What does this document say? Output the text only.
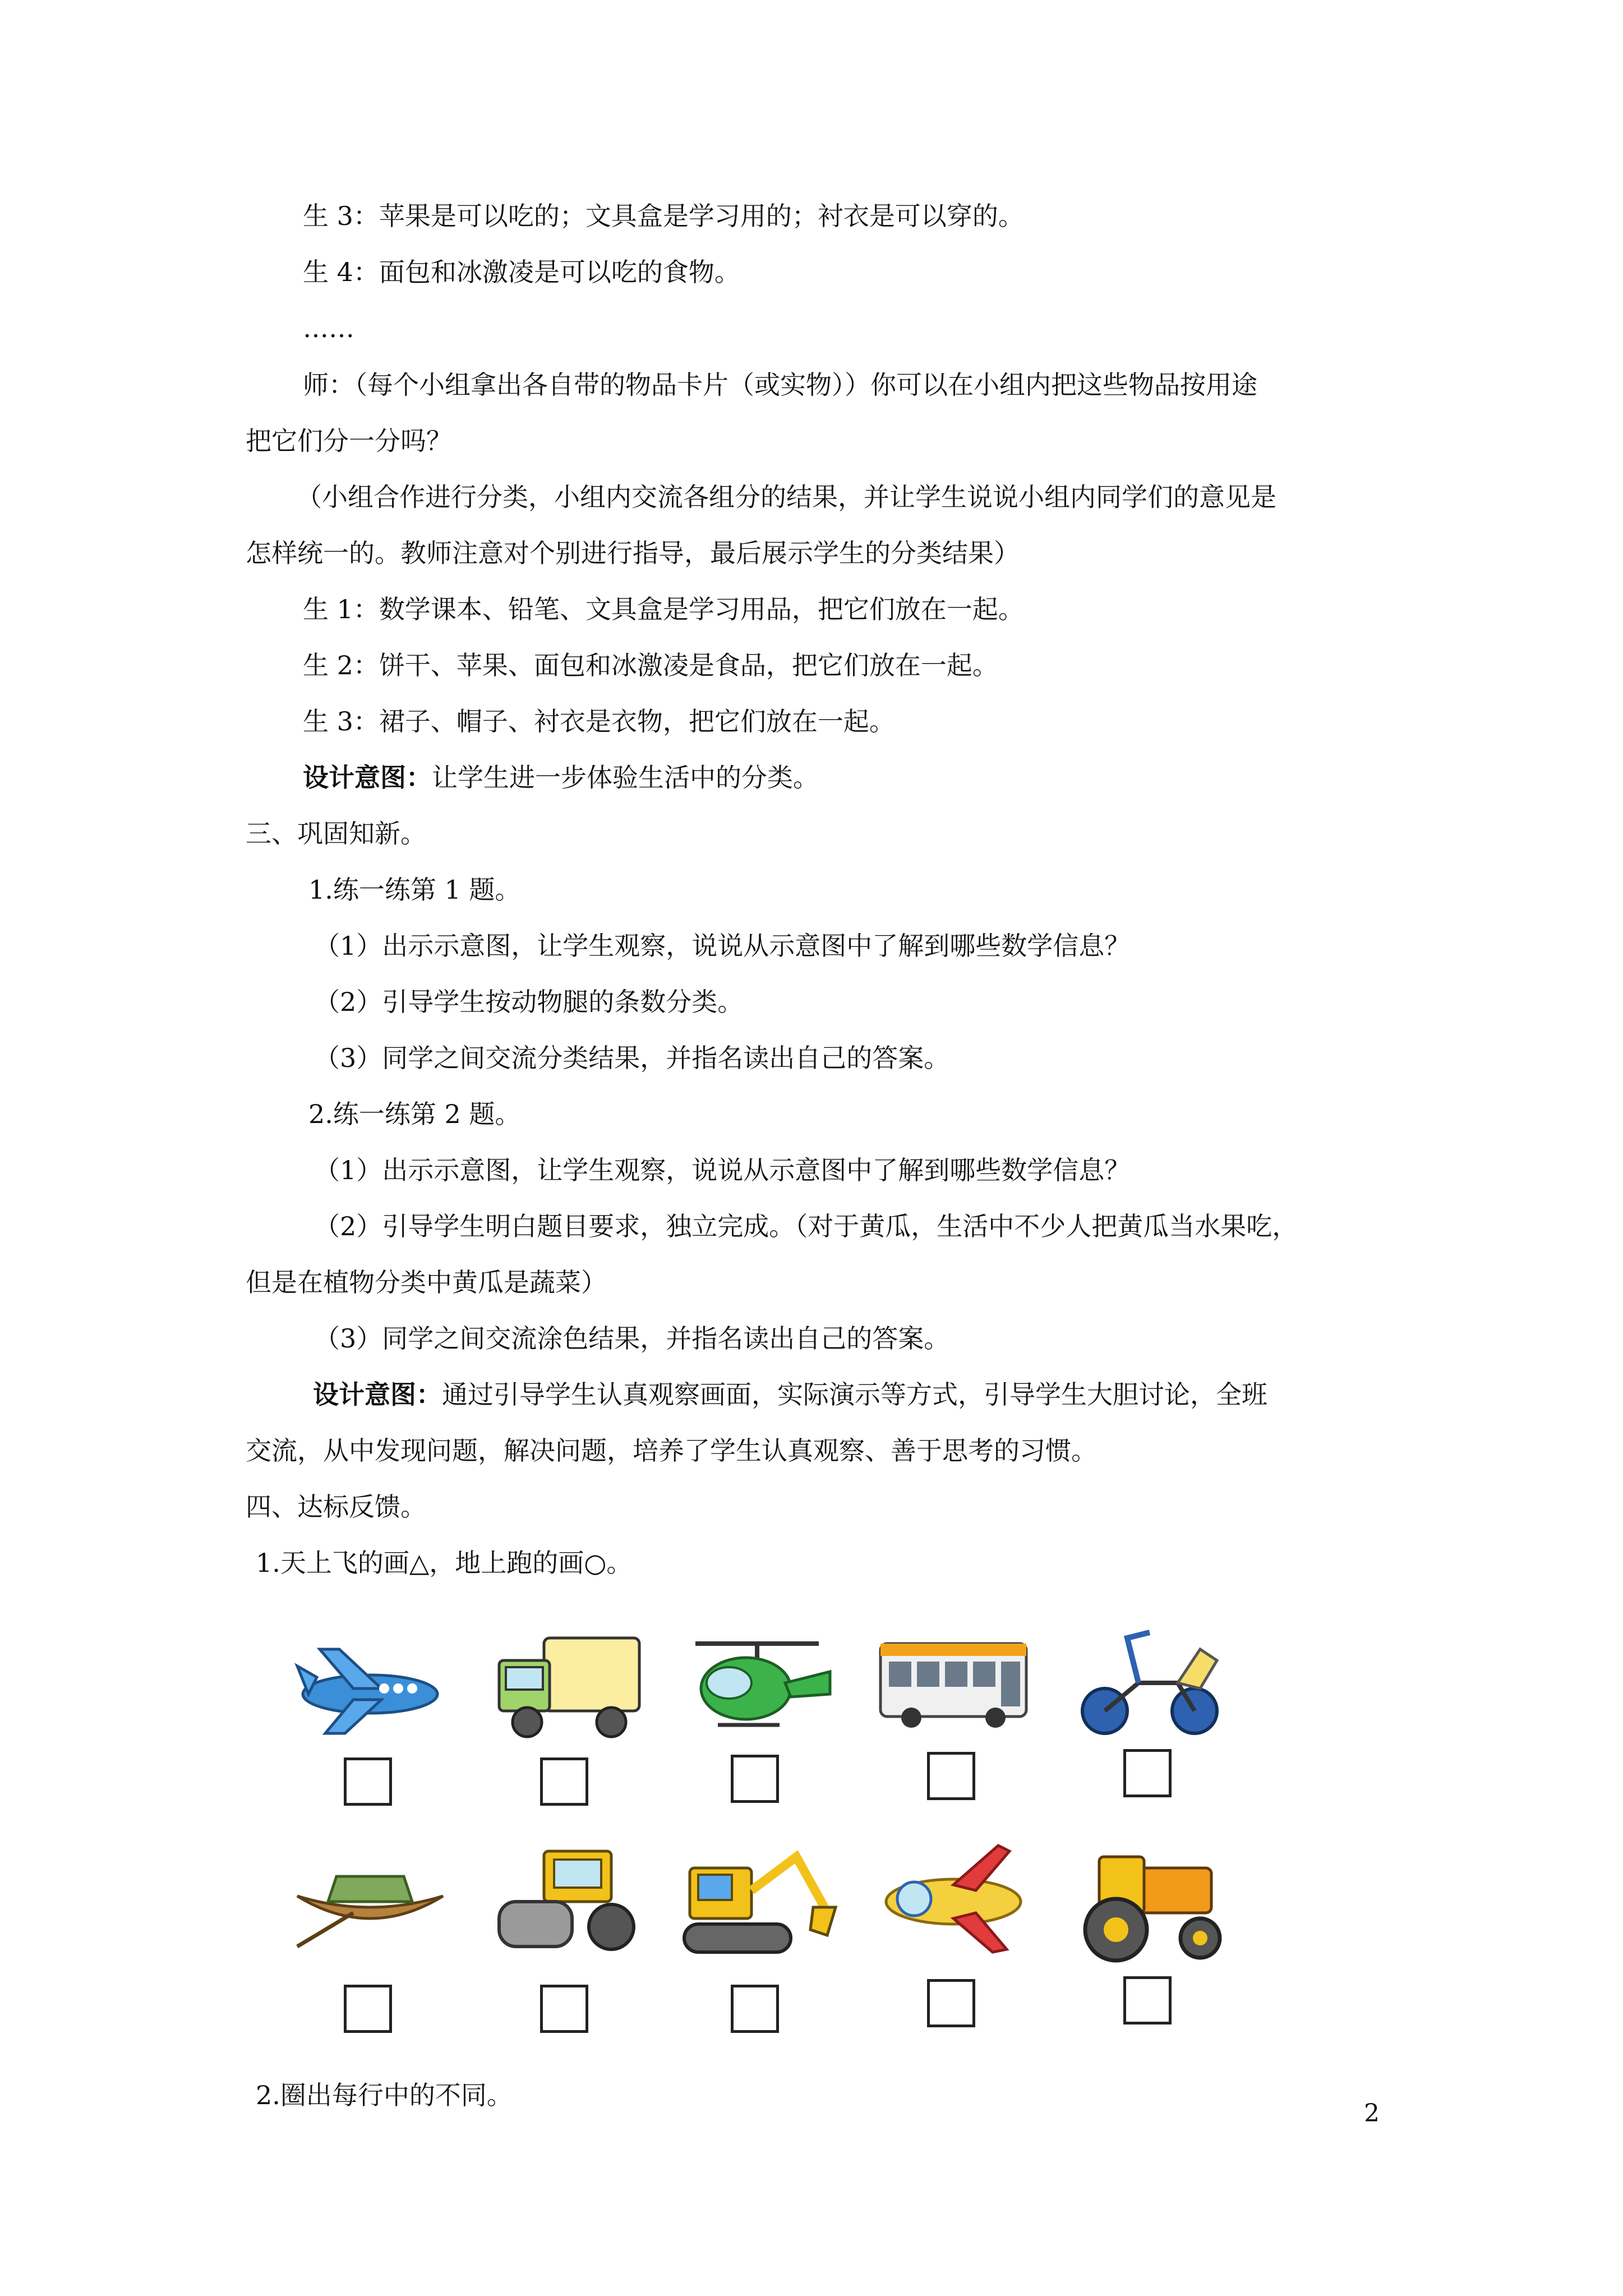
生 3：苹果是可以吃的；文具盒是学习用的；衬衣是可以穿的。
生 4：面包和冰激凌是可以吃的食物。
……
师：（每个小组拿出各自带的物品卡片（或实物））你可以在小组内把这些物品按用途
把它们分一分吗？
（小组合作进行分类，小组内交流各组分的结果，并让学生说说小组内同学们的意见是
怎样统一的。教师注意对个别进行指导，最后展示学生的分类结果）
生 1：数学课本、铅笔、文具盒是学习用品，把它们放在一起。
生 2：饼干、苹果、面包和冰激凌是食品，把它们放在一起。
生 3：裙子、帽子、衬衣是衣物，把它们放在一起。
设计意图：让学生进一步体验生活中的分类。
三、巩固知新。
1.练一练第 1 题。
（1）出示示意图，让学生观察，说说从示意图中了解到哪些数学信息？
（2）引导学生按动物腿的条数分类。
（3）同学之间交流分类结果，并指名读出自己的答案。
2.练一练第 2 题。
（1）出示示意图，让学生观察，说说从示意图中了解到哪些数学信息？
（2）引导学生明白题目要求，独立完成。（对于黄瓜，生活中不少人把黄瓜当水果吃，
但是在植物分类中黄瓜是蔬菜）
（3）同学之间交流涂色结果，并指名读出自己的答案。
设计意图：通过引导学生认真观察画面，实际演示等方式，引导学生大胆讨论，全班
交流，从中发现问题，解决问题，培养了学生认真观察、善于思考的习惯。
四、达标反馈。
1.天上飞的画△，地上跑的画○。
2.圈出每行中的不同。
2
